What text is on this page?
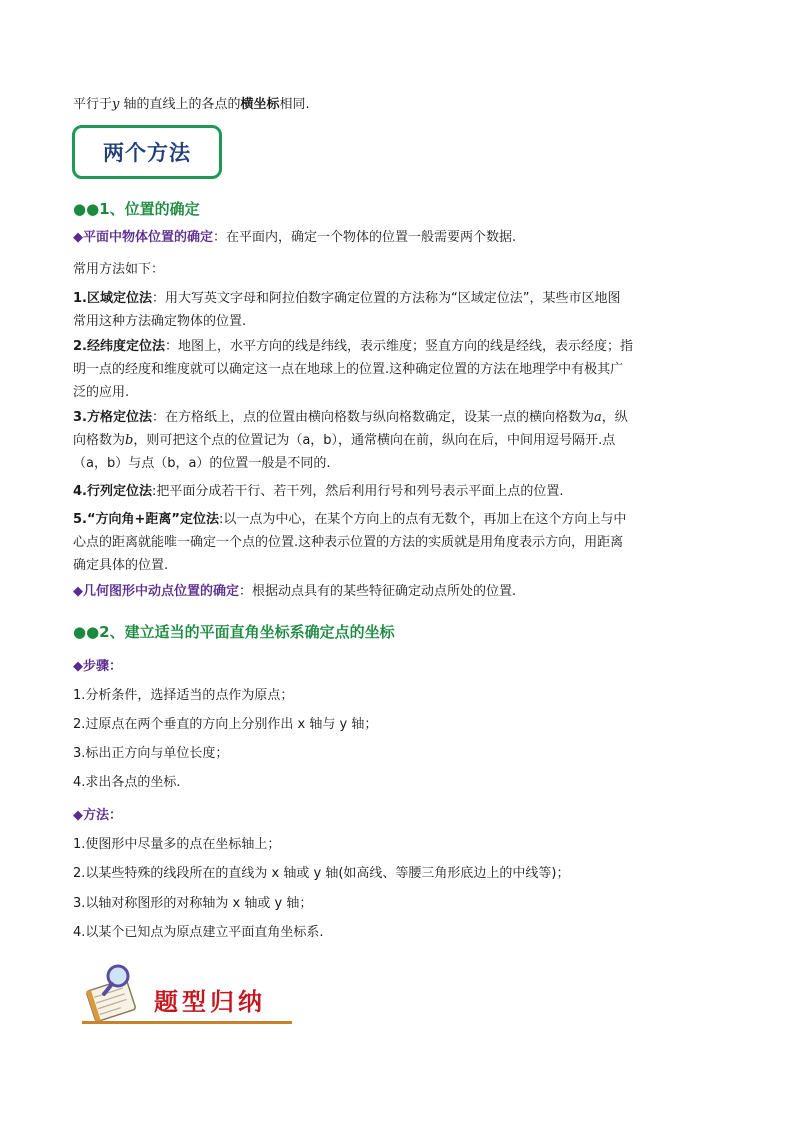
平行于y 轴的直线上的各点的横坐标相同.
两个方法
●●1、位置的确定
◆平面中物体位置的确定：在平面内，确定一个物体的位置一般需要两个数据.
常用方法如下：
1.区域定位法：用大写英文字母和阿拉伯数字确定位置的方法称为“区域定位法”，某些市区地图常用这种方法确定物体的位置.
2.经纬度定位法：地图上，水平方向的线是纬线，表示维度；竖直方向的线是经线，表示经度；指明一点的经度和维度就可以确定这一点在地球上的位置.这种确定位置的方法在地理学中有极其广泛的应用.
3.方格定位法：在方格纸上，点的位置由横向格数与纵向格数确定，设某一点的横向格数为a，纵向格数为b，则可把这个点的位置记为（a，b），通常横向在前，纵向在后，中间用逗号隔开.点（a，b）与点（b，a）的位置一般是不同的.
4.行列定位法:把平面分成若干行、若干列，然后利用行号和列号表示平面上点的位置.
5.“方向角+距离”定位法:以一点为中心，在某个方向上的点有无数个，再加上在这个方向上与中心点的距离就能唯一确定一个点的位置.这种表示位置的方法的实质就是用角度表示方向，用距离确定具体的位置.
◆几何图形中动点位置的确定：根据动点具有的某些特征确定动点所处的位置.
●●2、建立适当的平面直角坐标系确定点的坐标
◆步骤：
1.分析条件，选择适当的点作为原点；
2.过原点在两个垂直的方向上分别作出 x 轴与 y 轴；
3.标出正方向与单位长度；
4.求出各点的坐标.
◆方法：
1.使图形中尽量多的点在坐标轴上；
2.以某些特殊的线段所在的直线为 x 轴或 y 轴(如高线、等腰三角形底边上的中线等)；
3.以轴对称图形的对称轴为 x 轴或 y 轴；
4.以某个已知点为原点建立平面直角坐标系.
题型归纳
